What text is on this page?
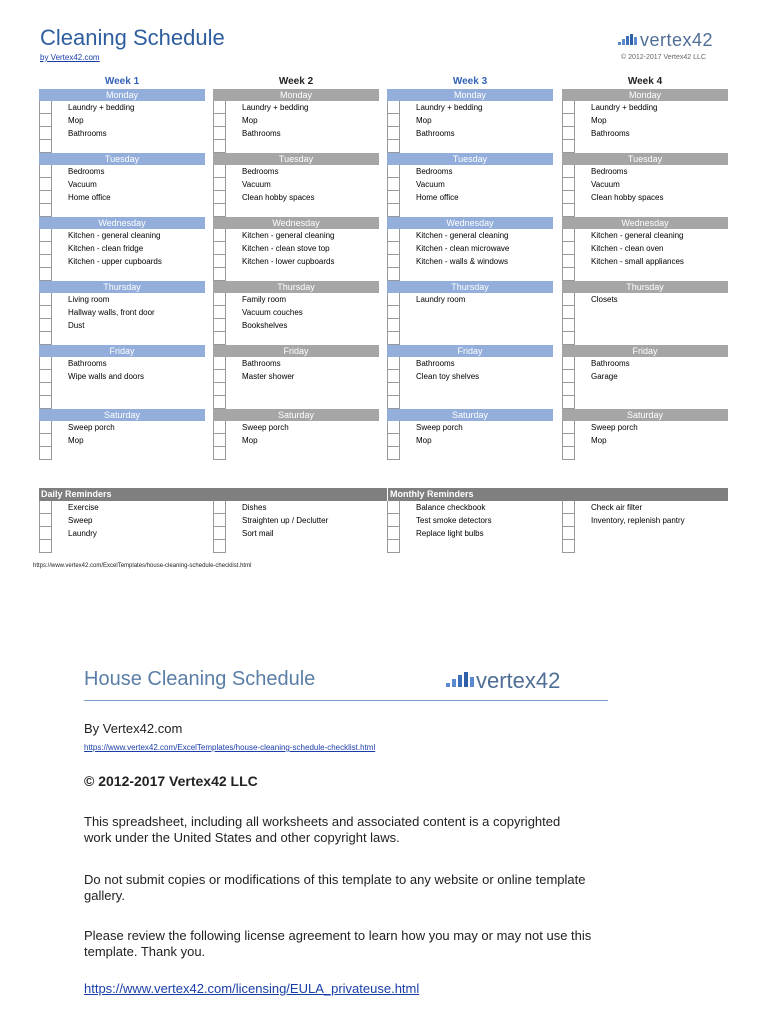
Cleaning Schedule
by Vertex42.com
vertex42
© 2012-2017 Vertex42 LLC
Week 1
Monday
Laundry + bedding
Mop
Bathrooms
Tuesday
Bedrooms
Vacuum
Home office
Wednesday
Kitchen - general cleaning
Kitchen - clean fridge
Kitchen - upper cupboards
Thursday
Living room
Hallway walls, front door
Dust
Friday
Bathrooms
Wipe walls and doors
Saturday
Sweep porch
Mop
Week 2
Monday
Laundry + bedding
Mop
Bathrooms
Tuesday
Bedrooms
Vacuum
Clean hobby spaces
Wednesday
Kitchen - general cleaning
Kitchen - clean stove top
Kitchen - lower cupboards
Thursday
Family room
Vacuum couches
Bookshelves
Friday
Bathrooms
Master shower
Saturday
Sweep porch
Mop
Week 3
Monday
Laundry + bedding
Mop
Bathrooms
Tuesday
Bedrooms
Vacuum
Home office
Wednesday
Kitchen - general cleaning
Kitchen - clean microwave
Kitchen - walls & windows
Thursday
Laundry room
Friday
Bathrooms
Clean toy shelves
Saturday
Sweep porch
Mop
Week 4
Monday
Laundry + bedding
Mop
Bathrooms
Tuesday
Bedrooms
Vacuum
Clean hobby spaces
Wednesday
Kitchen - general cleaning
Kitchen - clean oven
Kitchen - small appliances
Thursday
Closets
Friday
Bathrooms
Garage
Saturday
Sweep porch
Mop
Daily Reminders	Monthly Reminders
Exercise
Sweep
Laundry
Dishes
Straighten up / Declutter
Sort mail
Balance checkbook
Test smoke detectors
Replace light bulbs
Check air filter
Inventory, replenish pantry
https://www.vertex42.com/ExcelTemplates/house-cleaning-schedule-checklist.html
House Cleaning Schedule	vertex42
By Vertex42.com
https://www.vertex42.com/ExcelTemplates/house-cleaning-schedule-checklist.html
© 2012-2017 Vertex42 LLC
This spreadsheet, including all worksheets and associated content is a copyrighted work under the United States and other copyright laws.
Do not submit copies or modifications of this template to any website or online template gallery.
Please review the following license agreement to learn how you may or may not use this template. Thank you.
https://www.vertex42.com/licensing/EULA_privateuse.html
